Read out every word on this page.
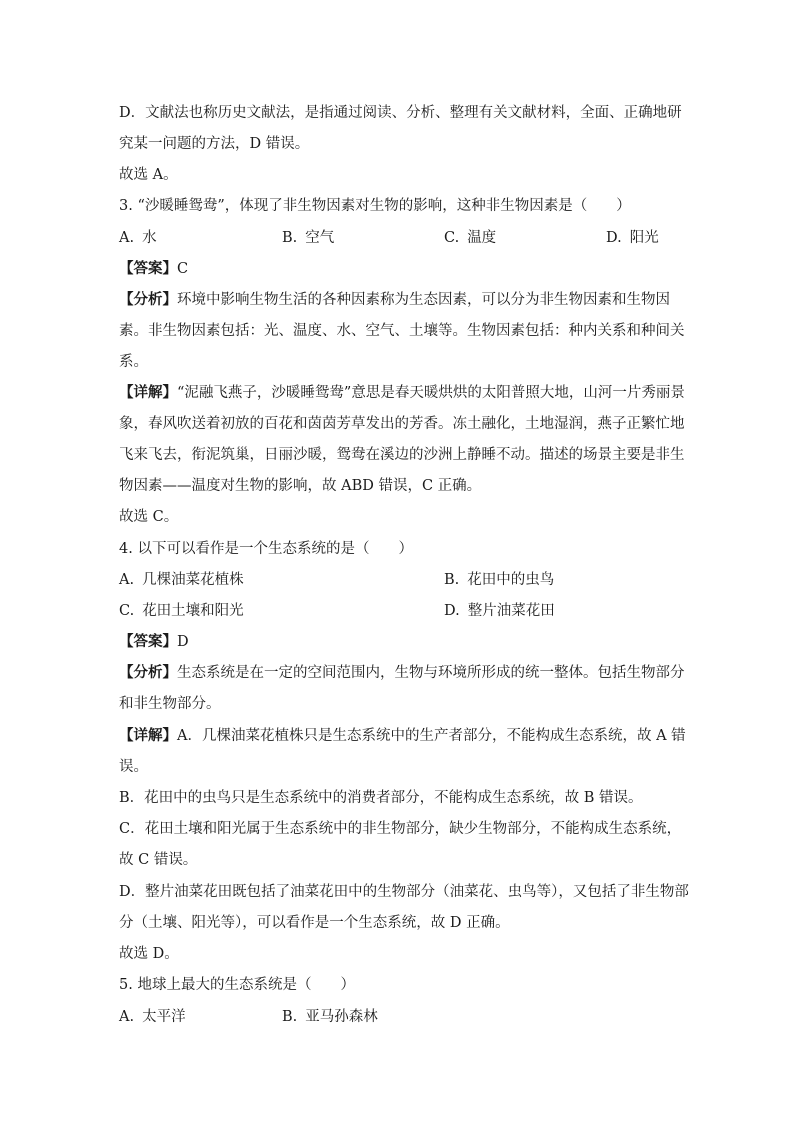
D．文献法也称历史文献法，是指通过阅读、分析、整理有关文献材料，全面、正确地研
究某一问题的方法，D 错误。
故选 A。
3. “沙暖睡鸳鸯”，体现了非生物因素对生物的影响，这种非生物因素是（　　）
A. 水	B. 空气	C. 温度	D. 阳光
【答案】C
【分析】环境中影响生物生活的各种因素称为生态因素，可以分为非生物因素和生物因
素。非生物因素包括：光、温度、水、空气、土壤等。生物因素包括：种内关系和种间关
系。
【详解】“泥融飞燕子，沙暖睡鸳鸯”意思是春天暖烘烘的太阳普照大地，山河一片秀丽景
象，春风吹送着初放的百花和茵茵芳草发出的芳香。冻土融化，土地湿润，燕子正繁忙地
飞来飞去，衔泥筑巢，日丽沙暖，鸳鸯在溪边的沙洲上静睡不动。描述的场景主要是非生
物因素——温度对生物的影响，故 ABD 错误，C 正确。
故选 C。
4. 以下可以看作是一个生态系统的是（　　）
A. 几棵油菜花植株	B. 花田中的虫鸟
C. 花田土壤和阳光	D. 整片油菜花田
【答案】D
【分析】生态系统是在一定的空间范围内，生物与环境所形成的统一整体。包括生物部分
和非生物部分。
【详解】A．几棵油菜花植株只是生态系统中的生产者部分，不能构成生态系统，故 A 错
误。
B．花田中的虫鸟只是生态系统中的消费者部分，不能构成生态系统，故 B 错误。
C．花田土壤和阳光属于生态系统中的非生物部分，缺少生物部分，不能构成生态系统，
故 C 错误。
D．整片油菜花田既包括了油菜花田中的生物部分（油菜花、虫鸟等），又包括了非生物部
分（土壤、阳光等），可以看作是一个生态系统，故 D 正确。
故选 D。
5. 地球上最大的生态系统是（　　）
A. 太平洋	B. 亚马孙森林
